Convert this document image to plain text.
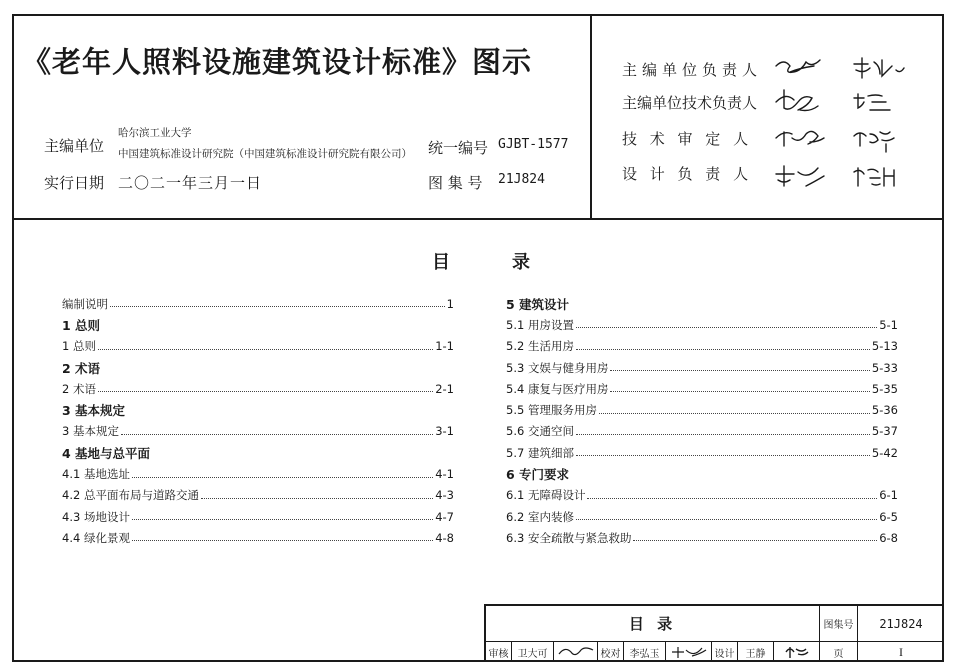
《老年人照料设施建筑设计标准》图示
主编单位
哈尔滨工业大学
中国建筑标准设计研究院（中国建筑标准设计研究院有限公司）
实行日期 二〇二一年三月一日
统一编号 GJBT-1577
图 集 号 21J824
主编单位负责人
主编单位技术负责人
技 术 审 定 人
设 计 负 责 人
目	录
编制说明	1
1 总则
1 总则	1-1
2 术语
2 术语	2-1
3 基本规定
3 基本规定	3-1
4 基地与总平面
4.1 基地选址	4-1
4.2 总平面布局与道路交通	4-3
4.3 场地设计	4-7
4.4 绿化景观	4-8
5 建筑设计
5.1 用房设置	5-1
5.2 生活用房	5-13
5.3 文娱与健身用房	5-33
5.4 康复与医疗用房	5-35
5.5 管理服务用房	5-36
5.6 交通空间	5-37
5.7 建筑细部	5-42
6 专门要求
6.1 无障碍设计	6-1
6.2 室内装修	6-5
6.3 安全疏散与紧急救助	6-8
目 录	图集号	21J824
审核 卫大可	校对 李弘玉	设计	王静	页	I
